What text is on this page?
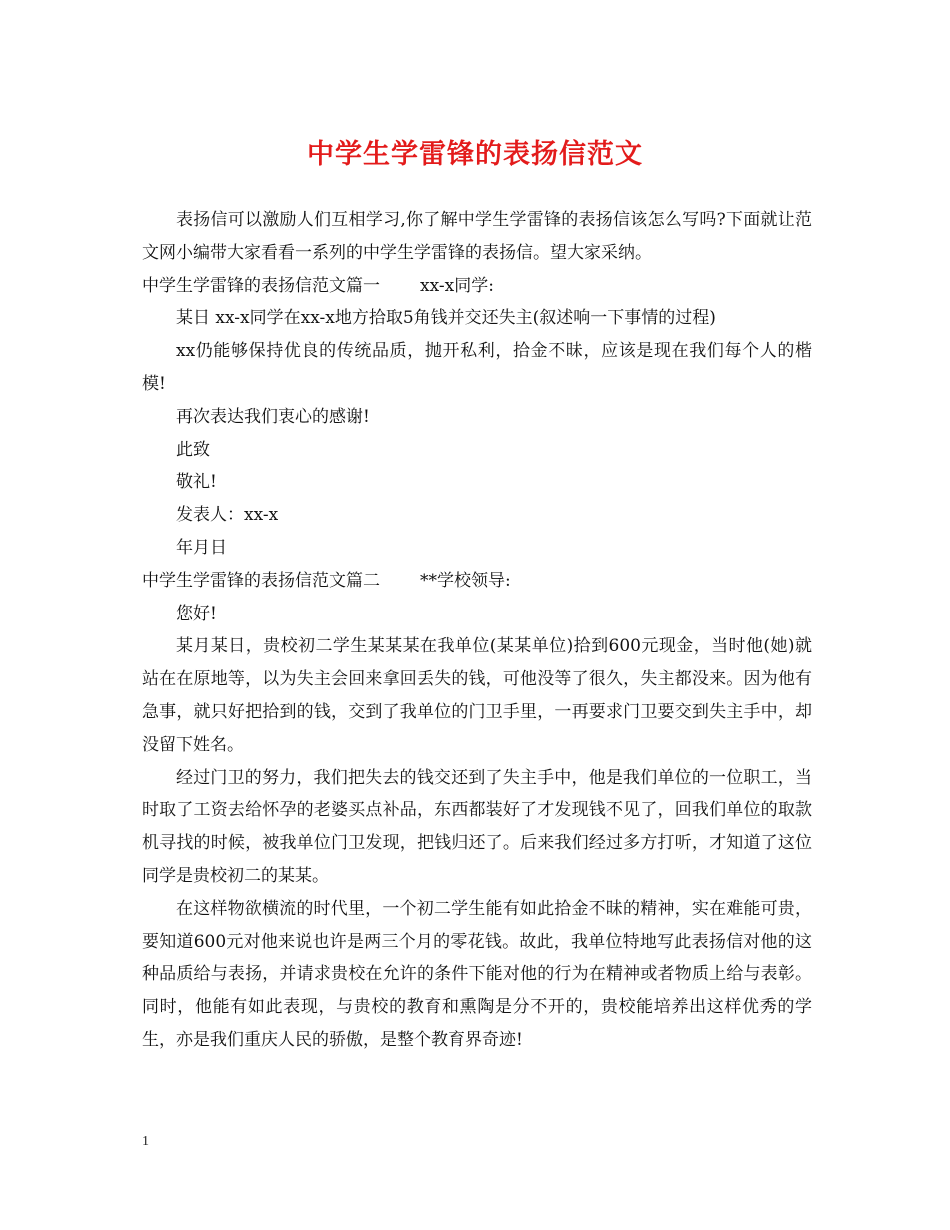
中学生学雷锋的表扬信范文

表扬信可以激励人们互相学习,你了解中学生学雷锋的表扬信该怎么写吗?下面就让范文网小编带大家看看一系列的中学生学雷锋的表扬信。望大家采纳。

中学生学雷锋的表扬信范文篇一 xx-x同学:

某日 xx-x同学在xx-x地方拾取5角钱并交还失主(叙述响一下事情的过程)

xx仍能够保持优良的传统品质，抛开私利，拾金不昧，应该是现在我们每个人的楷模!

再次表达我们衷心的感谢!

此致

敬礼!

发表人：xx-x

年月日

中学生学雷锋的表扬信范文篇二 **学校领导:

您好!

某月某日，贵校初二学生某某某在我单位(某某单位)拾到600元现金，当时他(她)就站在在原地等，以为失主会回来拿回丢失的钱，可他没等了很久，失主都没来。因为他有急事，就只好把拾到的钱，交到了我单位的门卫手里，一再要求门卫要交到失主手中，却没留下姓名。

经过门卫的努力，我们把失去的钱交还到了失主手中，他是我们单位的一位职工，当时取了工资去给怀孕的老婆买点补品，东西都装好了才发现钱不见了，回我们单位的取款机寻找的时候，被我单位门卫发现，把钱归还了。后来我们经过多方打听，才知道了这位同学是贵校初二的某某。

在这样物欲横流的时代里，一个初二学生能有如此拾金不昧的精神，实在难能可贵，要知道600元对他来说也许是两三个月的零花钱。故此，我单位特地写此表扬信对他的这种品质给与表扬，并请求贵校在允许的条件下能对他的行为在精神或者物质上给与表彰。同时，他能有如此表现，与贵校的教育和熏陶是分不开的，贵校能培养出这样优秀的学生，亦是我们重庆人民的骄傲，是整个教育界奇迹!

1
